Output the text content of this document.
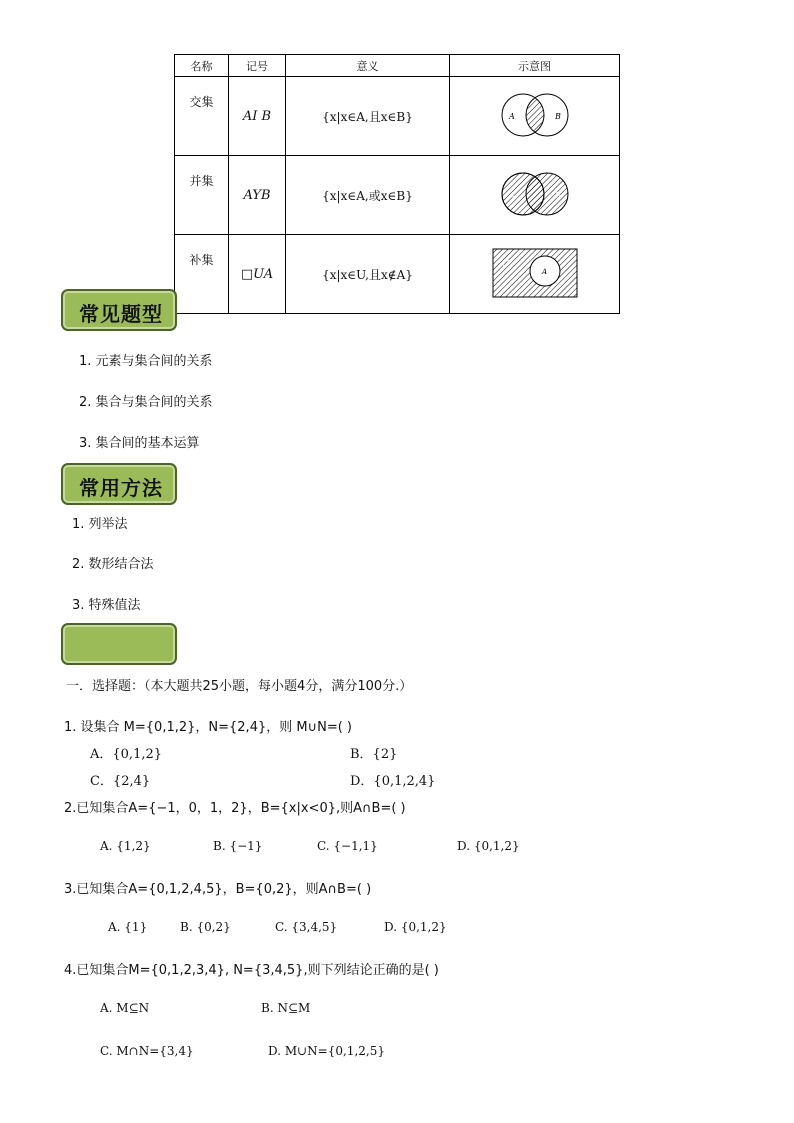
名称	记号	意义	示意图
交集	AI B	{x|x∈A,且x∈B}	A B

并集	AYB	{x|x∈A,或x∈B}	A B

补集	□UA	{x|x∈U,且x∉A}	U
A
常见题型
1. 元素与集合间的关系
2. 集合与集合间的关系
3. 集合间的基本运算
常用方法
1. 列举法
2. 数形结合法
3. 特殊值法
一．选择题：（本大题共25小题，每小题4分，满分100分.）
1. 设集合 M={0,1,2}，N={2,4}，则 M∪N=( )
A．{0,1,2}	B．{2}
C．{2,4}	D．{0,1,2,4}
2.已知集合A={−1，0，1，2}，B={x|x<0},则A∩B=( )
A. {1,2}	B. {−1}	C. {−1,1}	D. {0,1,2}
3.已知集合A={0,1,2,4,5}，B={0,2}，则A∩B=( )
A. {1}	B. {0,2}	C. {3,4,5}	D. {0,1,2}
4.已知集合M={0,1,2,3,4}, N={3,4,5},则下列结论正确的是( )
A. M⊆N	B. N⊆M
C. M∩N={3,4}	D. M∪N={0,1,2,5}
